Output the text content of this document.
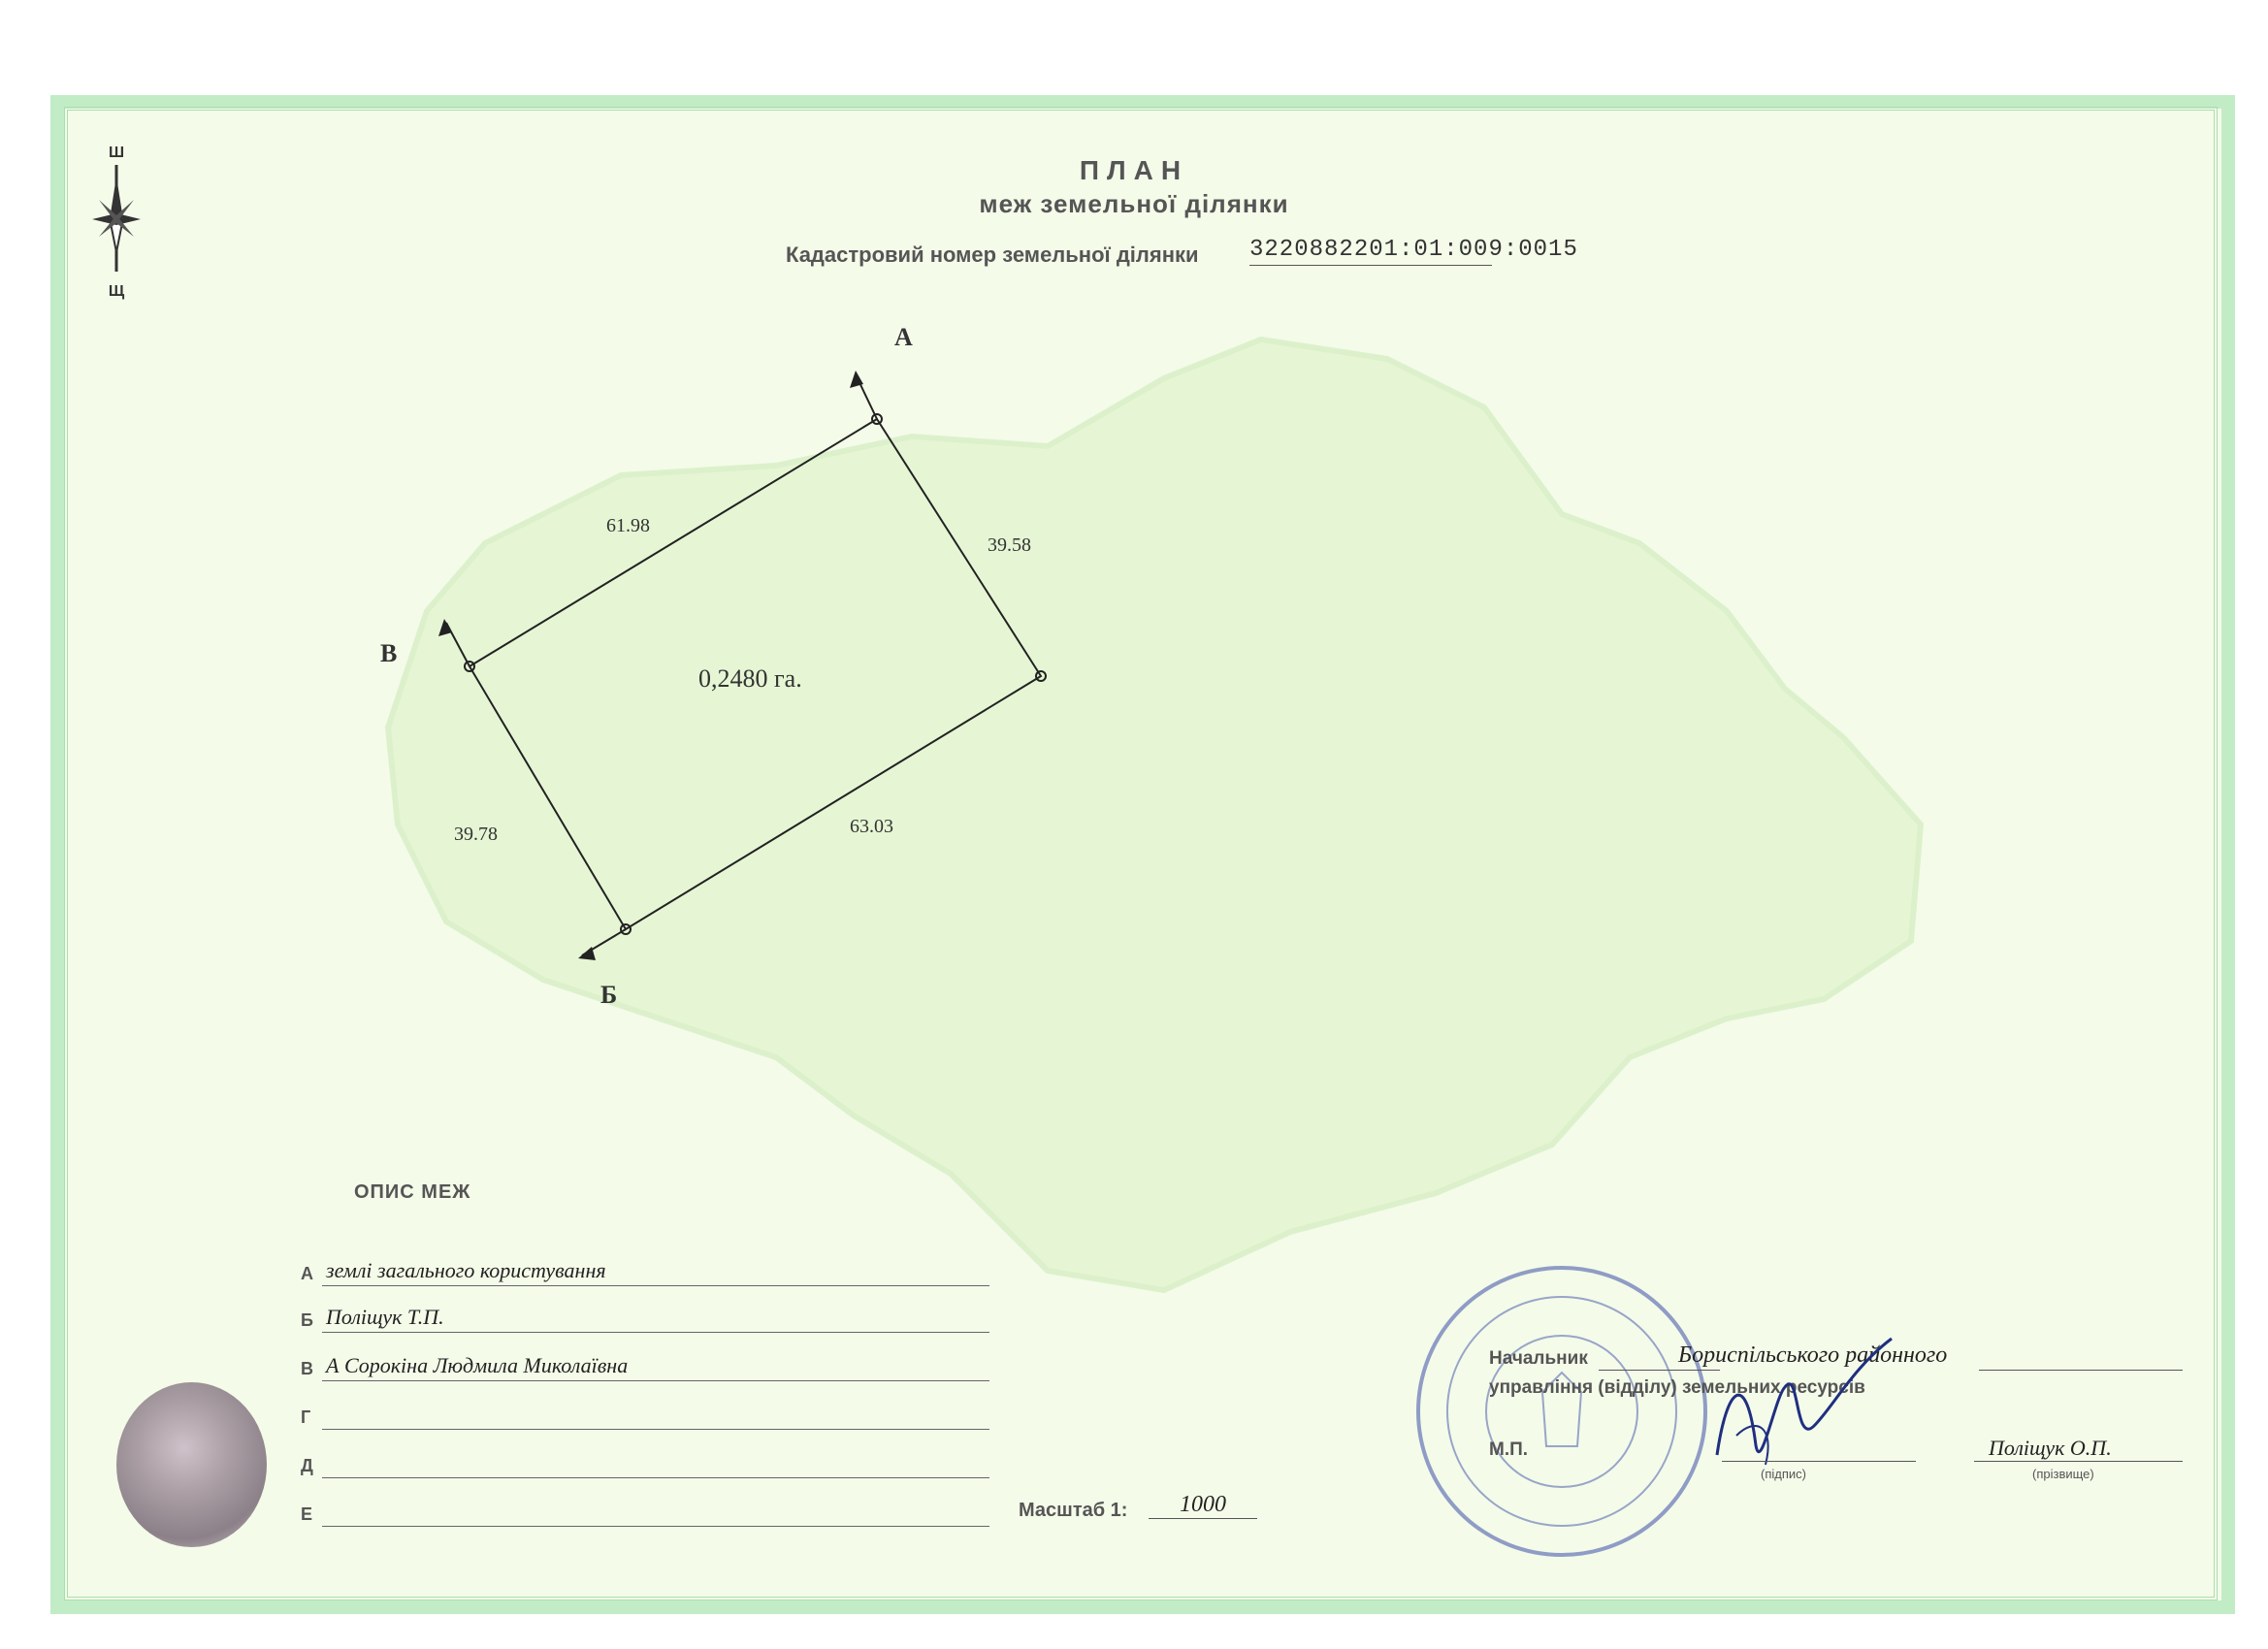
ПЛАН
меж земельної ділянки
Кадастровий номер земельної ділянки 3220882201:01:009:0015
Ш
Щ
А
В
Б
61.98
39.58
39.78	63.03
0,2480 га.
ОПИС МЕЖ
А землі загального користування
Б Поліщук Т.П.
В А Сорокіна Людмила Миколаївна
Г
Д
Е	Масштаб 1:	1000
Начальник	Бориспільського районного
управління (відділу) земельних ресурсів
М.П.
(підпис)
Поліщук О.П.
(прізвище)
